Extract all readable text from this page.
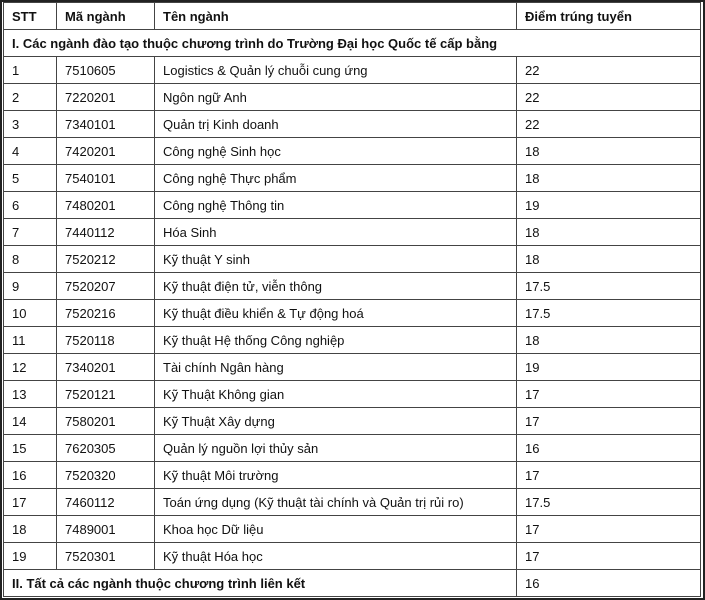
STT	Mã ngành	Tên ngành	Điểm trúng tuyển
I. Các ngành đào tạo thuộc chương trình do Trường Đại học Quốc tế cấp bằng			
1	7510605	Logistics & Quản lý chuỗi cung ứng	22
2	7220201	Ngôn ngữ Anh	22
3	7340101	Quản trị Kinh doanh	22
4	7420201	Công nghệ Sinh học	18
5	7540101	Công nghệ Thực phẩm	18
6	7480201	Công nghệ Thông tin	19
7	7440112	Hóa Sinh	18
8	7520212	Kỹ thuật Y sinh	18
9	7520207	Kỹ thuật điện tử, viễn thông	17.5
10	7520216	Kỹ thuật điều khiển & Tự động hoá	17.5
11	7520118	Kỹ thuật Hệ thống Công nghiệp	18
12	7340201	Tài chính Ngân hàng	19
13	7520121	Kỹ Thuật Không gian	17
14	7580201	Kỹ Thuật Xây dựng	17
15	7620305	Quản lý nguồn lợi thủy sản	16
16	7520320	Kỹ thuật Môi trường	17
17	7460112	Toán ứng dụng (Kỹ thuật tài chính và Quản trị rủi ro)	17.5
18	7489001	Khoa học Dữ liệu	17
19	7520301	Kỹ thuật Hóa học	17
II. Tất cả các ngành thuộc chương trình liên kết			16
